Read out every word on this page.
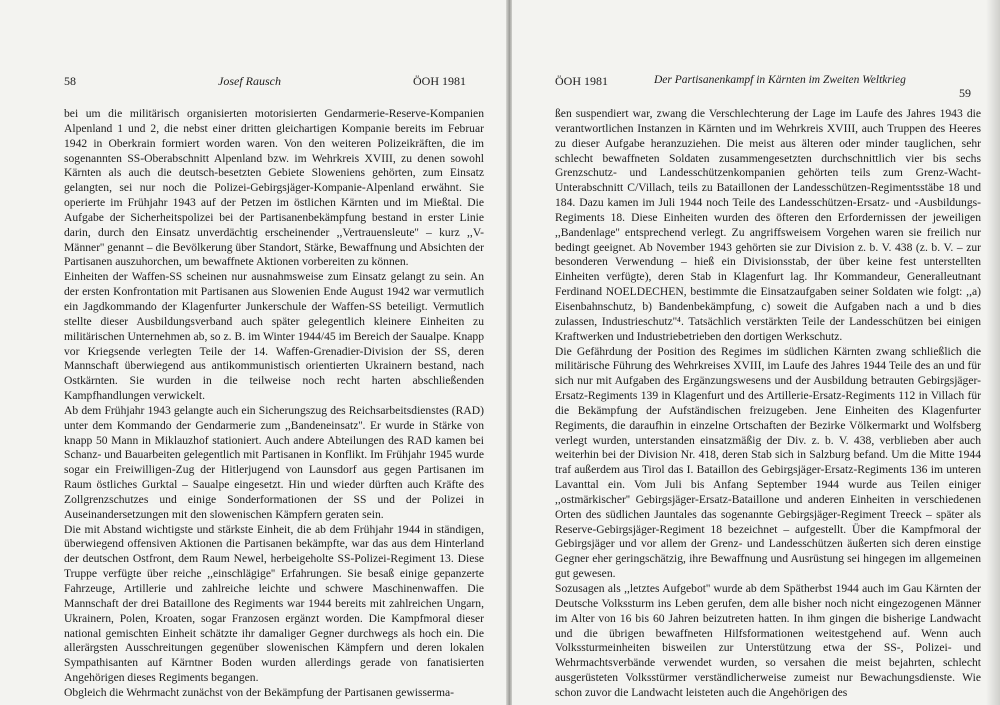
58	Josef Rausch	ÖOH 1981

bei um die militärisch organisierten motorisierten Gendarmerie-Reserve-Kompanien Alpenland 1 und 2, die nebst einer dritten gleichartigen Kompanie bereits im Februar 1942 in Oberkrain formiert worden waren. Von den weiteren Polizeikräften, die im sogenannten SS-Oberabschnitt Alpenland bzw. im Wehrkreis XVIII, zu denen sowohl Kärnten als auch die deutsch-besetzten Gebiete Sloweniens gehörten, zum Einsatz gelangten, sei nur noch die Polizei-Gebirgsjäger-Kompanie-Alpenland erwähnt. Sie operierte im Frühjahr 1943 auf der Petzen im östlichen Kärnten und im Mießtal. Die Aufgabe der Sicherheitspolizei bei der Partisanenbekämpfung bestand in erster Linie darin, durch den Einsatz unverdächtig erscheinender ,,Vertrauensleute'' – kurz ,,V-Männer'' genannt – die Bevölkerung über Standort, Stärke, Bewaffnung und Absichten der Partisanen auszuhorchen, um bewaffnete Aktionen vorbereiten zu können.

Einheiten der Waffen-SS scheinen nur ausnahmsweise zum Einsatz gelangt zu sein. An der ersten Konfrontation mit Partisanen aus Slowenien Ende August 1942 war vermutlich ein Jagdkommando der Klagenfurter Junkerschule der Waffen-SS beteiligt. Vermutlich stellte dieser Ausbildungsverband auch später gelegentlich kleinere Einheiten zu militärischen Unternehmen ab, so z. B. im Winter 1944/45 im Bereich der Saualpe. Knapp vor Kriegsende verlegten Teile der 14. Waffen-Grenadier-Division der SS, deren Mannschaft überwiegend aus antikommunistisch orientierten Ukrainern bestand, nach Ostkärnten. Sie wurden in die teilweise noch recht harten abschließenden Kampfhandlungen verwickelt.

Ab dem Frühjahr 1943 gelangte auch ein Sicherungszug des Reichsarbeitsdienstes (RAD) unter dem Kommando der Gendarmerie zum ,,Bandeneinsatz''. Er wurde in Stärke von knapp 50 Mann in Miklauzhof stationiert. Auch andere Abteilungen des RAD kamen bei Schanz- und Bauarbeiten gelegentlich mit Partisanen in Konflikt. Im Frühjahr 1945 wurde sogar ein Freiwilligen-Zug der Hitlerjugend von Launsdorf aus gegen Partisanen im Raum östliches Gurktal – Saualpe eingesetzt. Hin und wieder dürften auch Kräfte des Zollgrenzschutzes und einige Sonderformationen der SS und der Polizei in Auseinandersetzungen mit den slowenischen Kämpfern geraten sein.

Die mit Abstand wichtigste und stärkste Einheit, die ab dem Frühjahr 1944 in ständigen, überwiegend offensiven Aktionen die Partisanen bekämpfte, war das aus dem Hinterland der deutschen Ostfront, dem Raum Newel, herbeigeholte SS-Polizei-Regiment 13. Diese Truppe verfügte über reiche ,,einschlägige'' Erfahrungen. Sie besaß einige gepanzerte Fahrzeuge, Artillerie und zahlreiche leichte und schwere Maschinenwaffen. Die Mannschaft der drei Bataillone des Regiments war 1944 bereits mit zahlreichen Ungarn, Ukrainern, Polen, Kroaten, sogar Franzosen ergänzt worden. Die Kampfmoral dieser national gemischten Einheit schätzte ihr damaliger Gegner durchwegs als hoch ein. Die allerärgsten Ausschreitungen gegenüber slowenischen Kämpfern und deren lokalen Sympathisanten auf Kärntner Boden wurden allerdings gerade von fanatisierten Angehörigen dieses Regiments begangen.

Obgleich die Wehrmacht zunächst von der Bekämpfung der Partisanen gewisserma-

ÖOH 1981	Der Partisanenkampf in Kärnten im Zweiten Weltkrieg
59

ßen suspendiert war, zwang die Verschlechterung der Lage im Laufe des Jahres 1943 die verantwortlichen Instanzen in Kärnten und im Wehrkreis XVIII, auch Truppen des Heeres zu dieser Aufgabe heranzuziehen. Die meist aus älteren oder minder tauglichen, sehr schlecht bewaffneten Soldaten zusammengesetzten durchschnittlich vier bis sechs Grenzschutz- und Landesschützenkompanien gehörten teils zum Grenz-Wacht-Unterabschnitt C/Villach, teils zu Bataillonen der Landesschützen-Regimentsstäbe 18 und 184. Dazu kamen im Juli 1944 noch Teile des Landesschützen-Ersatz- und -Ausbildungs-Regiments 18. Diese Einheiten wurden des öfteren den Erfordernissen der jeweiligen ,,Bandenlage'' entsprechend verlegt. Zu angriffsweisem Vorgehen waren sie freilich nur bedingt geeignet. Ab November 1943 gehörten sie zur Division z. b. V. 438 (z. b. V. – zur besonderen Verwendung – hieß ein Divisionsstab, der über keine fest unterstellten Einheiten verfügte), deren Stab in Klagenfurt lag. Ihr Kommandeur, Generalleutnant Ferdinand NOELDECHEN, bestimmte die Einsatzaufgaben seiner Soldaten wie folgt: ,,a) Eisenbahnschutz, b) Bandenbekämpfung, c) soweit die Aufgaben nach a und b dies zulassen, Industrieschutz''⁴. Tatsächlich verstärkten Teile der Landesschützen bei einigen Kraftwerken und Industriebetrieben den dortigen Werkschutz.

Die Gefährdung der Position des Regimes im südlichen Kärnten zwang schließlich die militärische Führung des Wehrkreises XVIII, im Laufe des Jahres 1944 Teile des an und für sich nur mit Aufgaben des Ergänzungswesens und der Ausbildung betrauten Gebirgsjäger-Ersatz-Regiments 139 in Klagenfurt und des Artillerie-Ersatz-Regiments 112 in Villach für die Bekämpfung der Aufständischen freizugeben. Jene Einheiten des Klagenfurter Regiments, die daraufhin in einzelne Ortschaften der Bezirke Völkermarkt und Wolfsberg verlegt wurden, unterstanden einsatzmäßig der Div. z. b. V. 438, verblieben aber auch weiterhin bei der Division Nr. 418, deren Stab sich in Salzburg befand. Um die Mitte 1944 traf außerdem aus Tirol das I. Bataillon des Gebirgsjäger-Ersatz-Regiments 136 im unteren Lavanttal ein. Vom Juli bis Anfang September 1944 wurde aus Teilen einiger ,,ostmärkischer'' Gebirgsjäger-Ersatz-Bataillone und anderen Einheiten in verschiedenen Orten des südlichen Jauntales das sogenannte Gebirgsjäger-Regiment Treeck – später als Reserve-Gebirgsjäger-Regiment 18 bezeichnet – aufgestellt. Über die Kampfmoral der Gebirgsjäger und vor allem der Grenz- und Landesschützen äußerten sich deren einstige Gegner eher geringschätzig, ihre Bewaffnung und Ausrüstung sei hingegen im allgemeinen gut gewesen.

Sozusagen als ,,letztes Aufgebot'' wurde ab dem Spätherbst 1944 auch im Gau Kärnten der Deutsche Volkssturm ins Leben gerufen, dem alle bisher noch nicht eingezogenen Männer im Alter von 16 bis 60 Jahren beizutreten hatten. In ihm gingen die bisherige Landwacht und die übrigen bewaffneten Hilfsformationen weitestgehend auf. Wenn auch Volkssturmeinheiten bisweilen zur Unterstützung etwa der SS-, Polizei- und Wehrmachtsverbände verwendet wurden, so versahen die meist bejahrten, schlecht ausgerüsteten Volksstürmer verständlicherweise zumeist nur Bewachungsdienste. Wie schon zuvor die Landwacht leisteten auch die Angehörigen des
